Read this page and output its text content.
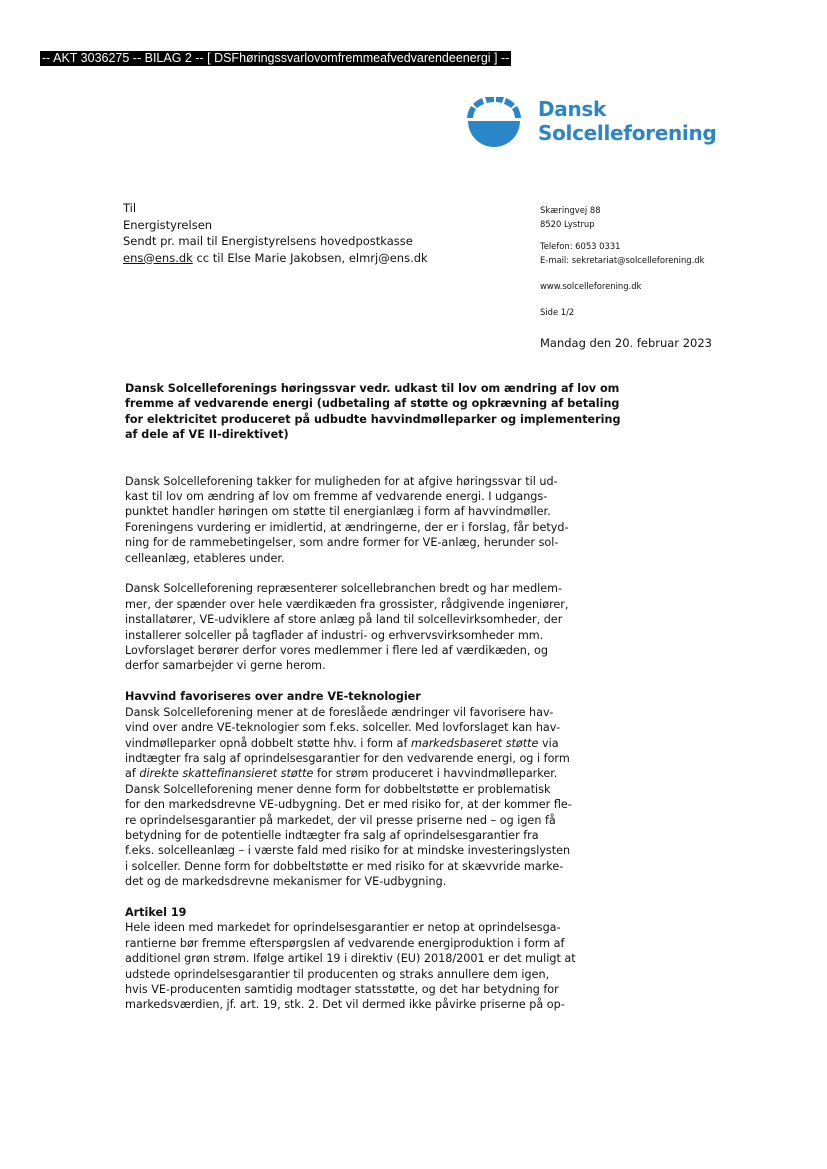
-- AKT 3036275 -- BILAG 2 -- [ DSFhøringssvarlovomfremmeafvedvarendeenergi ] --
Dansk
Solcelleforening
Til
Energistyrelsen
Sendt pr. mail til Energistyrelsens hovedpostkasse
ens@ens.dk cc til Else Marie Jakobsen, elmrj@ens.dk
Skæringvej 88
8520 Lystrup
Telefon: 6053 0331
E-mail: sekretariat@solcelleforening.dk
www.solcelleforening.dk
Side 1/2
Mandag den 20. februar 2023
Dansk Solcelleforenings høringssvar vedr. udkast til lov om ændring af lov om
fremme af vedvarende energi (udbetaling af støtte og opkrævning af betaling
for elektricitet produceret på udbudte havvindmølleparker og implementering
af dele af VE II-direktivet)

Dansk Solcelleforening takker for muligheden for at afgive høringssvar til ud-
kast til lov om ændring af lov om fremme af vedvarende energi. I udgangs-
punktet handler høringen om støtte til energianlæg i form af havvindmøller.
Foreningens vurdering er imidlertid, at ændringerne, der er i forslag, får betyd-
ning for de rammebetingelser, som andre former for VE-anlæg, herunder sol-
celleanlæg, etableres under.

Dansk Solcelleforening repræsenterer solcellebranchen bredt og har medlem-
mer, der spænder over hele værdikæden fra grossister, rådgivende ingeniører,
installatører, VE-udviklere af store anlæg på land til solcellevirksomheder, der
installerer solceller på tagflader af industri- og erhvervsvirksomheder mm.
Lovforslaget berører derfor vores medlemmer i flere led af værdikæden, og
derfor samarbejder vi gerne herom.

Havvind favoriseres over andre VE-teknologier

Dansk Solcelleforening mener at de foreslåede ændringer vil favorisere hav-
vind over andre VE-teknologier som f.eks. solceller. Med lovforslaget kan hav-
vindmølleparker opnå dobbelt støtte hhv. i form af markedsbaseret støtte via
indtægter fra salg af oprindelsesgarantier for den vedvarende energi, og i form
af direkte skattefinansieret støtte for strøm produceret i havvindmølleparker.
Dansk Solcelleforening mener denne form for dobbeltstøtte er problematisk
for den markedsdrevne VE-udbygning. Det er med risiko for, at der kommer fle-
re oprindelsesgarantier på markedet, der vil presse priserne ned – og igen få
betydning for de potentielle indtægter fra salg af oprindelsesgarantier fra
f.eks. solcelleanlæg – i værste fald med risiko for at mindske investeringslysten
i solceller. Denne form for dobbeltstøtte er med risiko for at skævvride marke-
det og de markedsdrevne mekanismer for VE-udbygning.

Artikel 19

Hele ideen med markedet for oprindelsesgarantier er netop at oprindelsesga-
rantierne bør fremme efterspørgslen af vedvarende energiproduktion i form af
additionel grøn strøm. Ifølge artikel 19 i direktiv (EU) 2018/2001 er det muligt at
udstede oprindelsesgarantier til producenten og straks annullere dem igen,
hvis VE-producenten samtidig modtager statsstøtte, og det har betydning for
markedsværdien, jf. art. 19, stk. 2. Det vil dermed ikke påvirke priserne på op-
